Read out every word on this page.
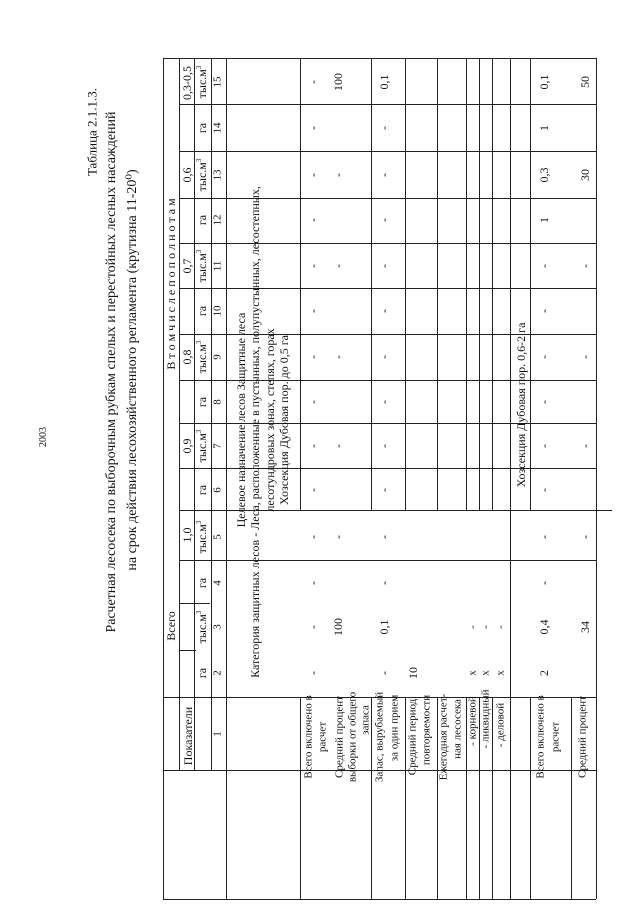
2003
Таблица 2.1.1.3. Расчетная лесосека по выборочным рубкам спелых и перестойных лесных насаждений на срок действия лесохозяйственного регламента (крутизна 11-20⁰)
Показатели
Всего
В т о м ч и с л е п о п о л н о т а м
1,0
0,9
0,8
0,7
0,6
0,3-0,5
га
$тыс.м^3$
га
$тыс.м^3$
га
$тыс.м^3$
га
$тыс.м^3$
га
$тыс.м^3$
га
$тыс.м^3$
га
$тыс.м^3$
1
2
3
4
5
6
7
8
9
10
11
12
13
14
15
Целевое назначение лесов Защитные леса Категория защитных лесов - Леса, расположенные в пустынных, полупустынных, лесостепных, лесотундровых зонах, степях, горах Хозсекция Дубовая пор. до 0,5 га	Хозсекция Дубовая пор. 0,6-2 га
Всего включено в расчет
-
-
-
-
-
-
-
-
-
-
-
-
-
-
Средний процент выборки от общего запаса
100
-
-
-
-
-
100
Запас, вырубаемый за один прием
-
0,1
-
-
-
-
-
-
-
-
-
-
-
0,1
Средний период повторяемости
10
Ежегодная расчет- ная лесосека - корневой
x
-
- ликвидный
x
-
- деловой
x
-
Всего включено в расчет
2
0,4
-
-
-
-
-
-
-
-
1
0,3
1
0,1
Средний процент
34
-
-
-
-
30
50
